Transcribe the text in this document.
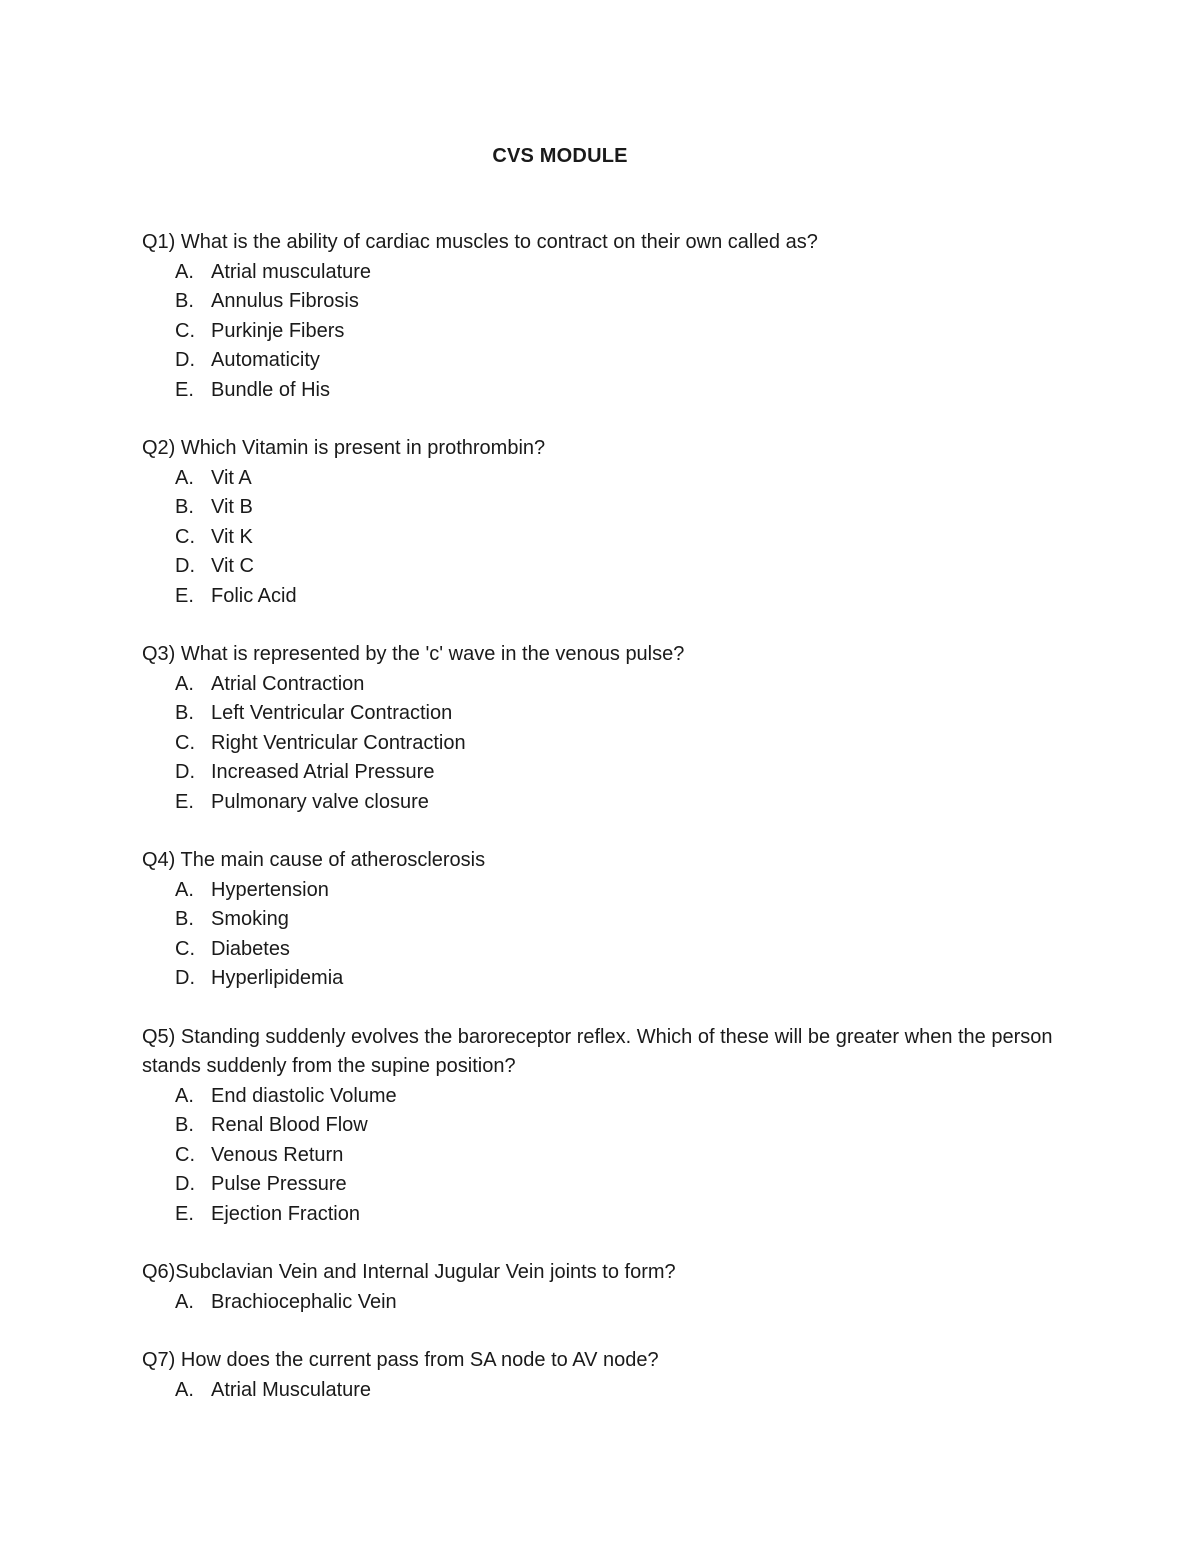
CVS MODULE

Q1) What is the ability of cardiac muscles to contract on their own called as?

A. Atrial musculature
B. Annulus Fibrosis
C. Purkinje Fibers
D. Automaticity
E. Bundle of His

Q2) Which Vitamin is present in prothrombin?

A. Vit A
B. Vit B
C. Vit K
D. Vit C
E. Folic Acid

Q3) What is represented by the 'c' wave in the venous pulse?

A. Atrial Contraction
B. Left Ventricular Contraction
C. Right Ventricular Contraction
D. Increased Atrial Pressure
E. Pulmonary valve closure

Q4) The main cause of atherosclerosis

A. Hypertension
B. Smoking
C. Diabetes
D. Hyperlipidemia

Q5) Standing suddenly evolves the baroreceptor reflex. Which of these will be greater when the person stands suddenly from the supine position?

A. End diastolic Volume
B. Renal Blood Flow
C. Venous Return
D. Pulse Pressure
E. Ejection Fraction

Q6)Subclavian Vein and Internal Jugular Vein joints to form?

A. Brachiocephalic Vein

Q7) How does the current pass from SA node to AV node?

A. Atrial Musculature
